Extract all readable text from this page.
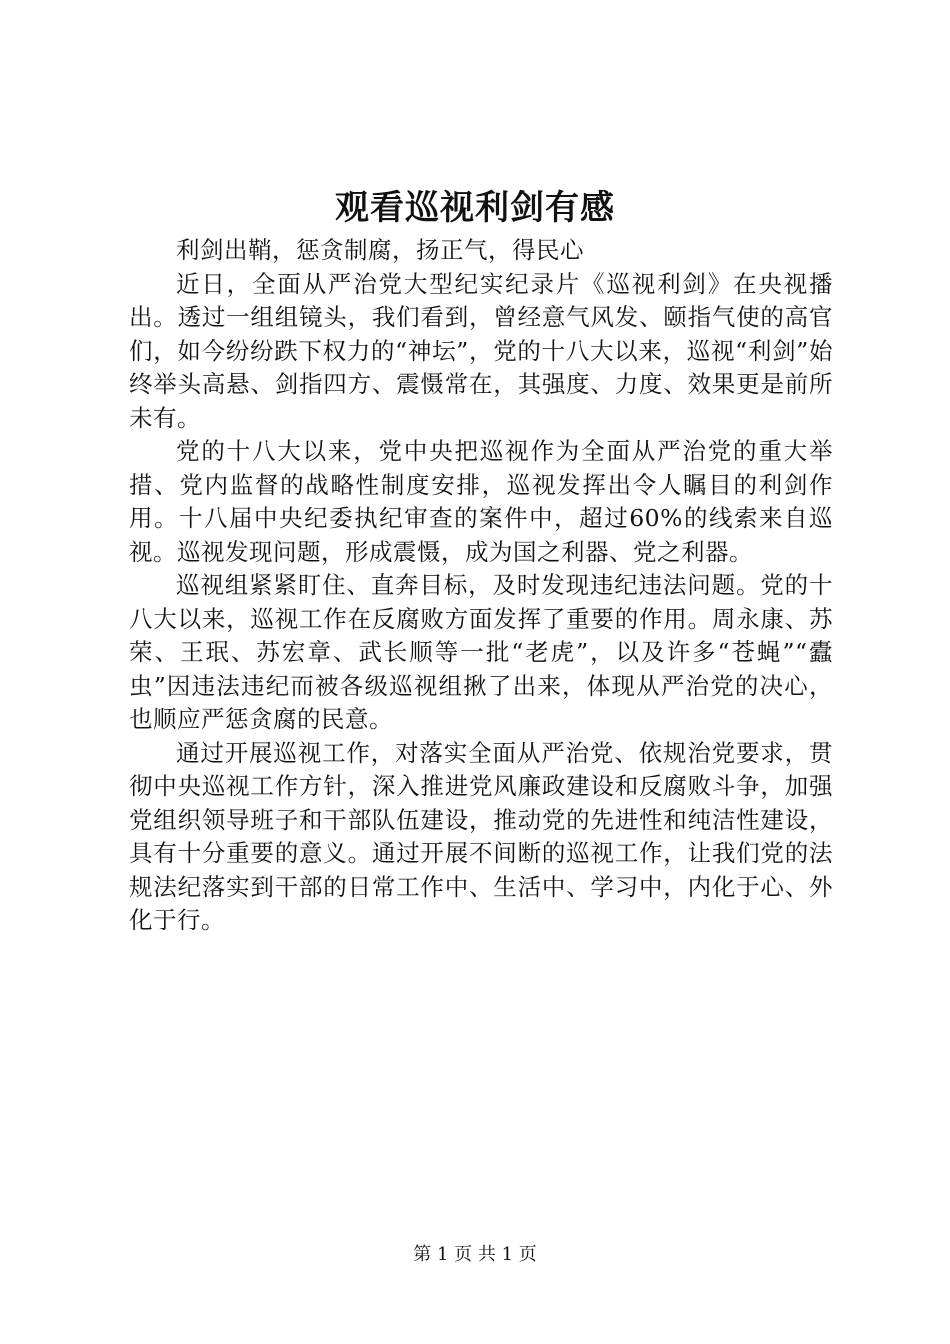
观看巡视利剑有感

利剑出鞘，惩贪制腐，扬正气，得民心

近日，全面从严治党大型纪实纪录片《巡视利剑》在央视播出。透过一组组镜头，我们看到，曾经意气风发、颐指气使的高官们，如今纷纷跌下权力的“神坛”，党的十八大以来，巡视“利剑”始终举头高悬、剑指四方、震慑常在，其强度、力度、效果更是前所未有。

党的十八大以来，党中央把巡视作为全面从严治党的重大举措、党内监督的战略性制度安排，巡视发挥出令人瞩目的利剑作用。十八届中央纪委执纪审查的案件中，超过60%的线索来自巡视。巡视发现问题，形成震慑，成为国之利器、党之利器。

巡视组紧紧盯住、直奔目标，及时发现违纪违法问题。党的十八大以来，巡视工作在反腐败方面发挥了重要的作用。周永康、苏荣、王珉、苏宏章、武长顺等一批“老虎”，以及许多“苍蝇”“蠹虫”因违法违纪而被各级巡视组揪了出来，体现从严治党的决心，也顺应严惩贪腐的民意。

通过开展巡视工作，对落实全面从严治党、依规治党要求，贯彻中央巡视工作方针，深入推进党风廉政建设和反腐败斗争，加强党组织领导班子和干部队伍建设，推动党的先进性和纯洁性建设，具有十分重要的意义。通过开展不间断的巡视工作，让我们党的法规法纪落实到干部的日常工作中、生活中、学习中，内化于心、外化于行。

第 1 页 共 1 页
